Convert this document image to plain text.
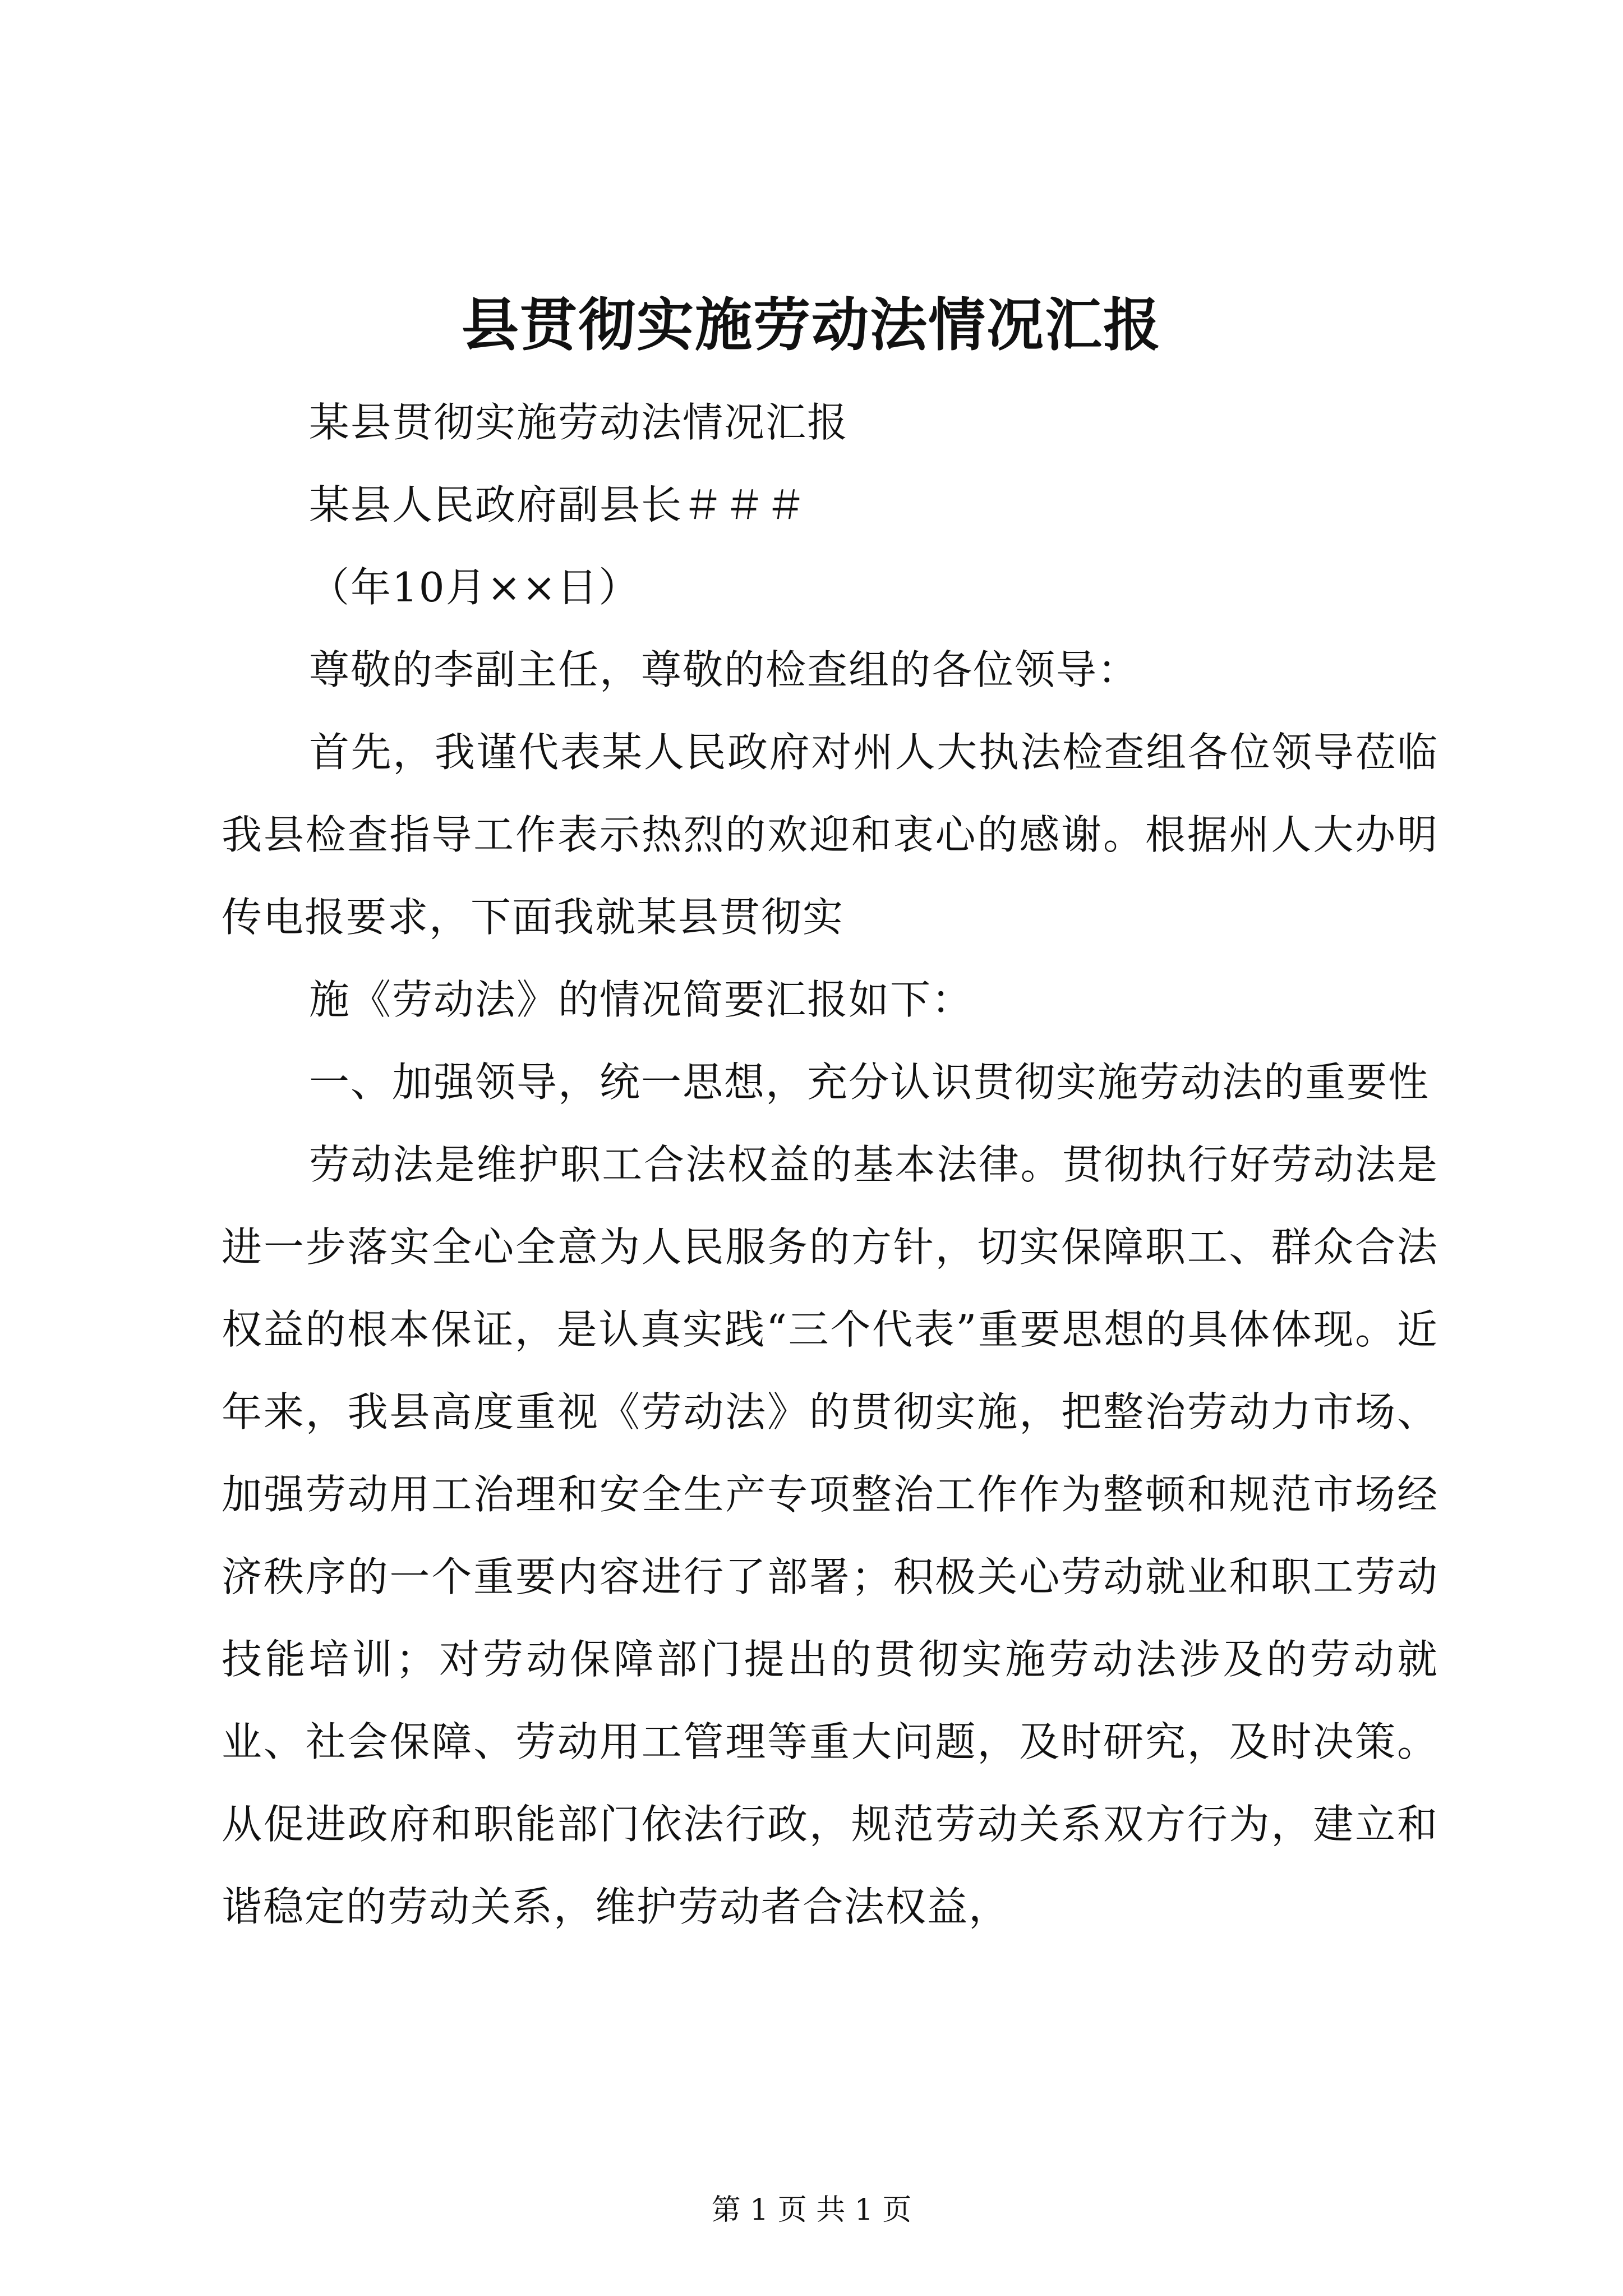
县贯彻实施劳动法情况汇报

某县贯彻实施劳动法情况汇报

某县人民政府副县长＃＃＃

（年10月××日）

尊敬的李副主任，尊敬的检查组的各位领导：

首先，我谨代表某人民政府对州人大执法检查组各位领导莅临我县检查指导工作表示热烈的欢迎和衷心的感谢。根据州人大办明传电报要求，下面我就某县贯彻实

施《劳动法》的情况简要汇报如下：

一、加强领导，统一思想，充分认识贯彻实施劳动法的重要性

劳动法是维护职工合法权益的基本法律。贯彻执行好劳动法是进一步落实全心全意为人民服务的方针，切实保障职工、群众合法权益的根本保证，是认真实践“三个代表”重要思想的具体体现。近年来，我县高度重视《劳动法》的贯彻实施，把整治劳动力市场、加强劳动用工治理和安全生产专项整治工作作为整顿和规范市场经济秩序的一个重要内容进行了部署；积极关心劳动就业和职工劳动技能培训；对劳动保障部门提出的贯彻实施劳动法涉及的劳动就业、社会保障、劳动用工管理等重大问题，及时研究，及时决策。从促进政府和职能部门依法行政，规范劳动关系双方行为，建立和谐稳定的劳动关系，维护劳动者合法权益，

第 1 页 共 1 页
